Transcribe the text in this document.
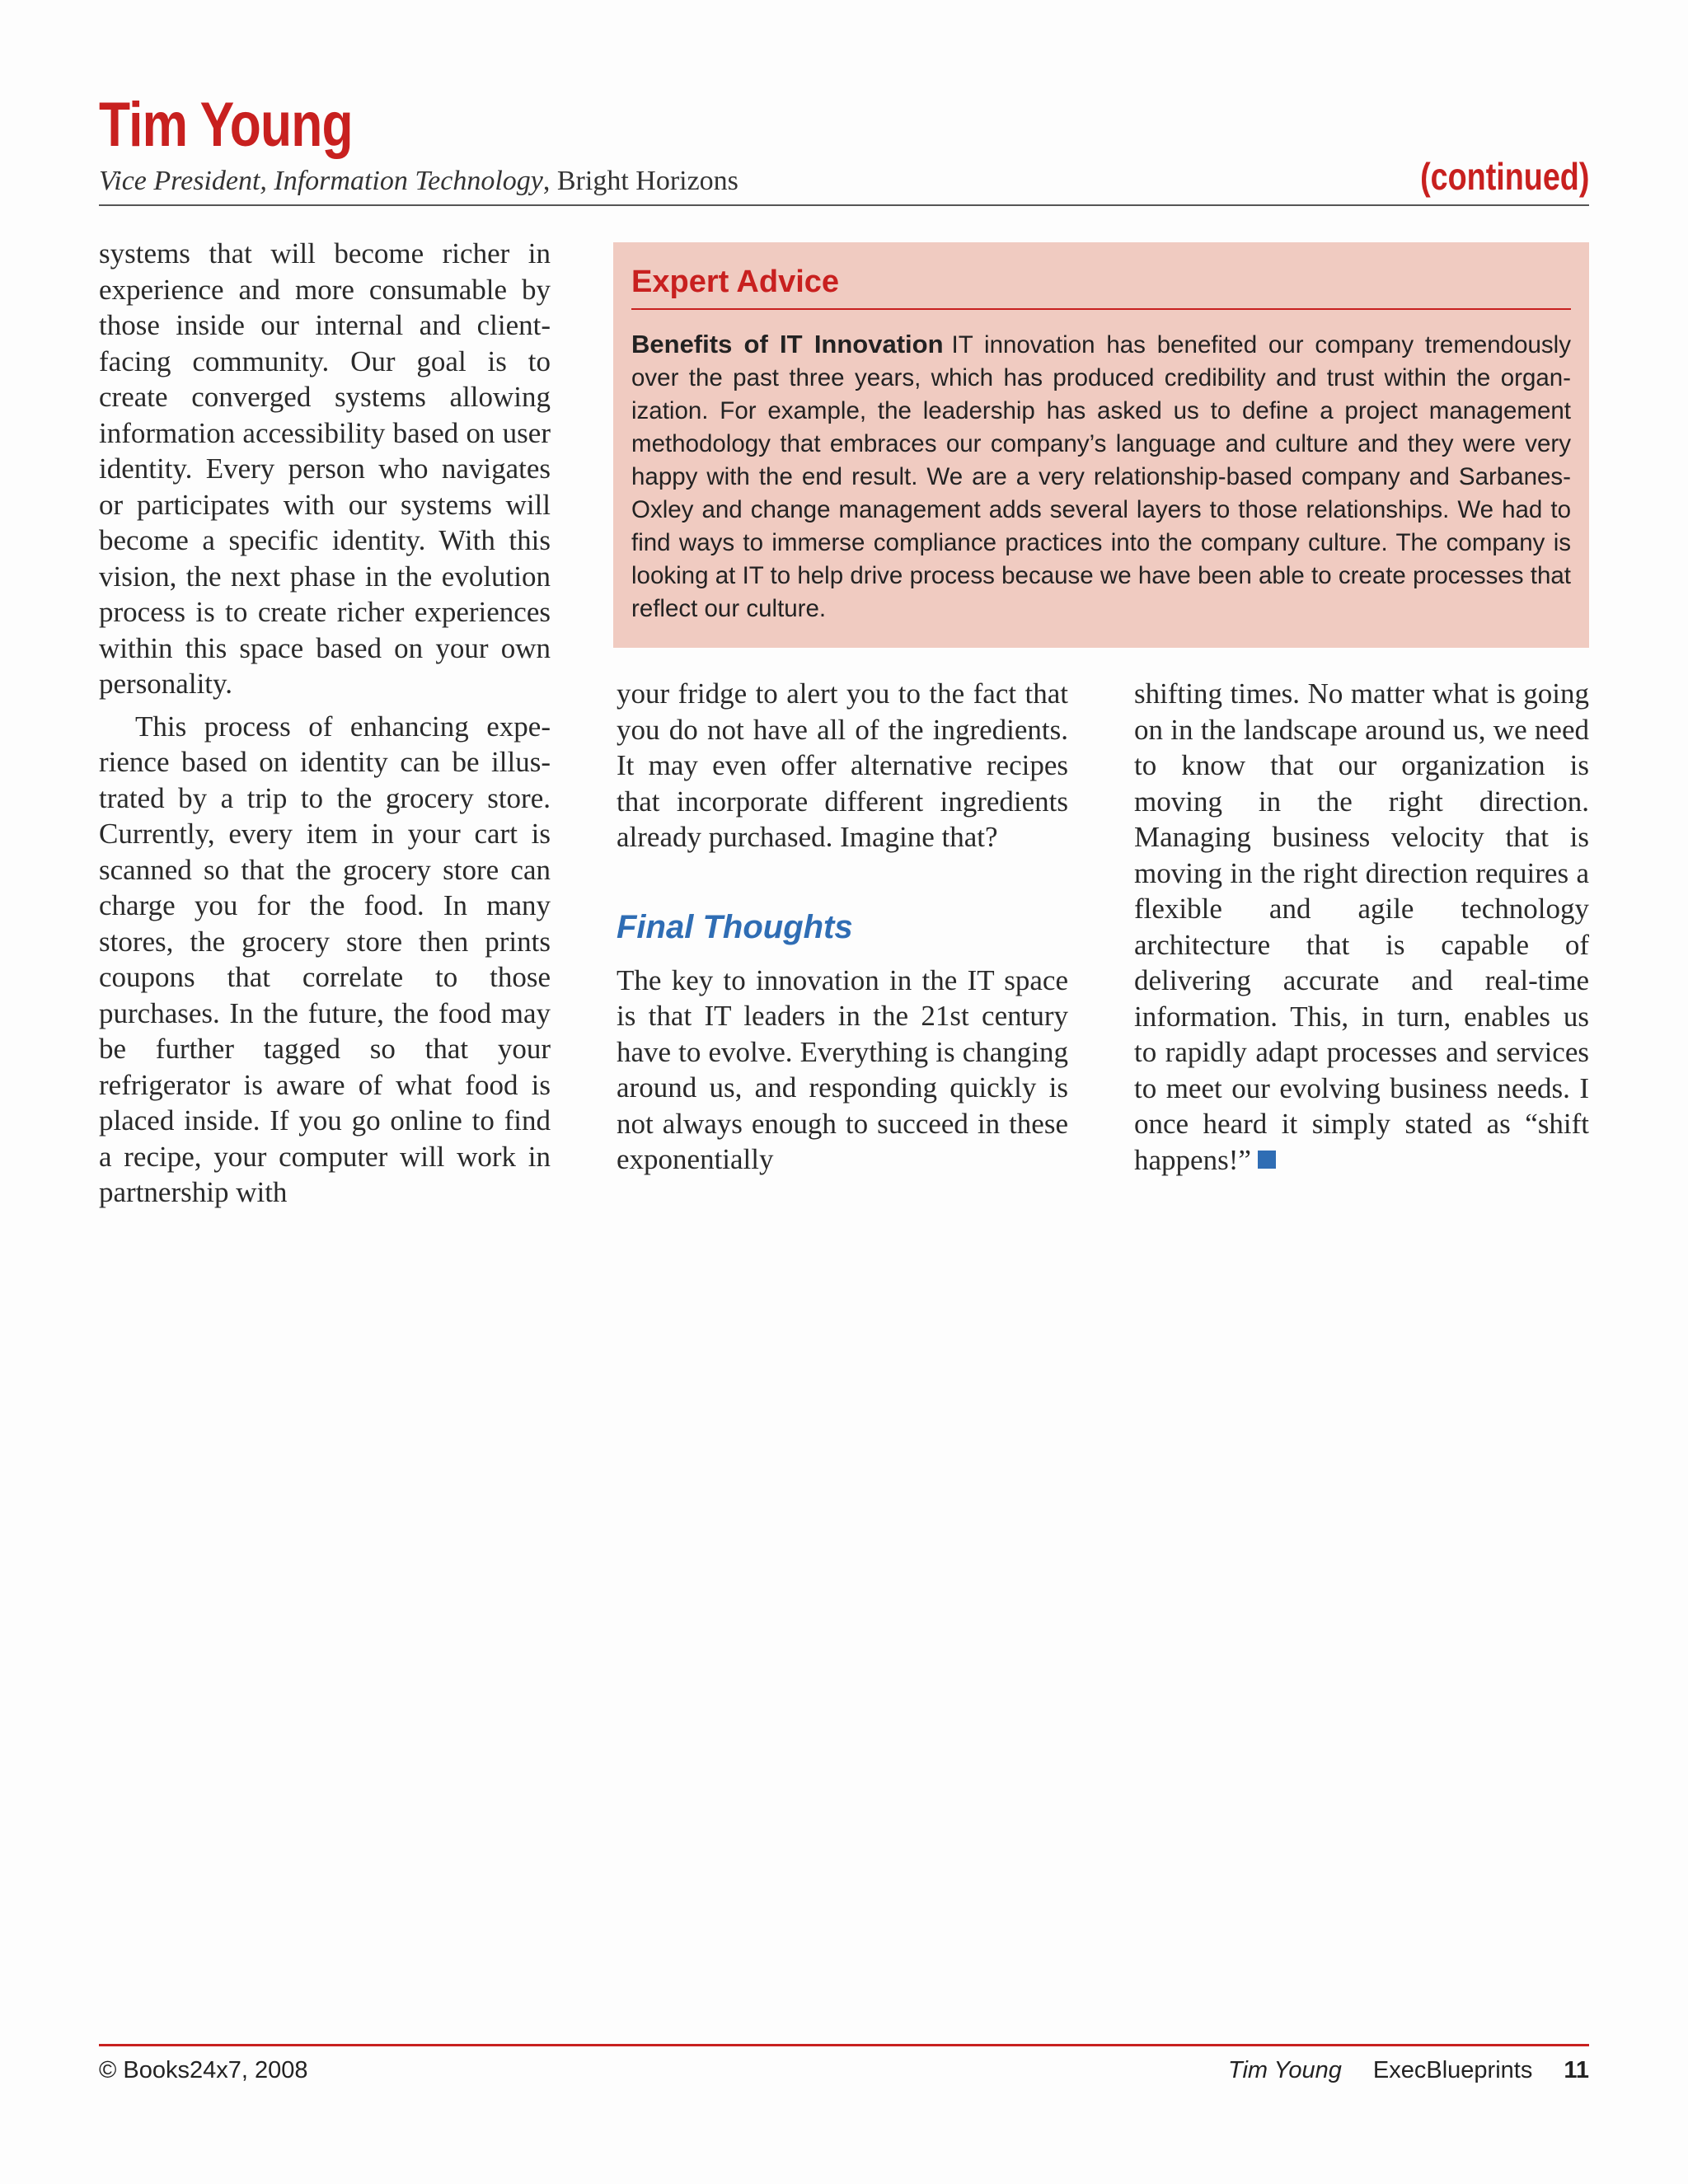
Tim Young
Vice President, Information Technology, Bright Horizons	(continued)

systems that will become richer in experience and more consumable by those inside our internal and clientfacing community. Our goal is to create converged systems allowing information accessibility based on user identity. Every person who navigates or participates with our systems will become a specific identity. With this vision, the next phase in the evolution process is to create richer experiences within this space based on your own personality.

This process of enhancing experience based on identity can be illustrated by a trip to the grocery store. Currently, every item in your cart is scanned so that the grocery store can charge you for the food. In many stores, the grocery store then prints coupons that correlate to those purchases. In the future, the food may be further tagged so that your refrigerator is aware of what food is placed inside. If you go online to find a recipe, your computer will work in partnership with

Expert Advice

Benefits of IT Innovation IT innovation has benefited our company tremendously over the past three years, which has produced credibility and trust within the organization. For example, the leadership has asked us to define a project management methodology that embraces our company’s language and culture and they were very happy with the end result. We are a very relationship-based company and Sarbanes-Oxley and change management adds several layers to those relationships. We had to find ways to immerse compliance practices into the company culture. The company is looking at IT to help drive process because we have been able to create processes that reflect our culture.

your fridge to alert you to the fact that you do not have all of the ingredients. It may even offer alternative recipes that incorporate different ingredients already purchased. Imagine that?

Final Thoughts

The key to innovation in the IT space is that IT leaders in the 21st century have to evolve. Everything is changing around us, and responding quickly is not always enough to succeed in these exponentially

shifting times. No matter what is going on in the landscape around us, we need to know that our organization is moving in the right direction. Managing business velocity that is moving in the right direction requires a flexible and agile technology architecture that is capable of delivering accurate and real-time information. This, in turn, enables us to rapidly adapt processes and services to meet our evolving business needs. I once heard it simply stated as “shift happens!”

© Books24x7, 2008	Tim Young ExecBlueprints 11
